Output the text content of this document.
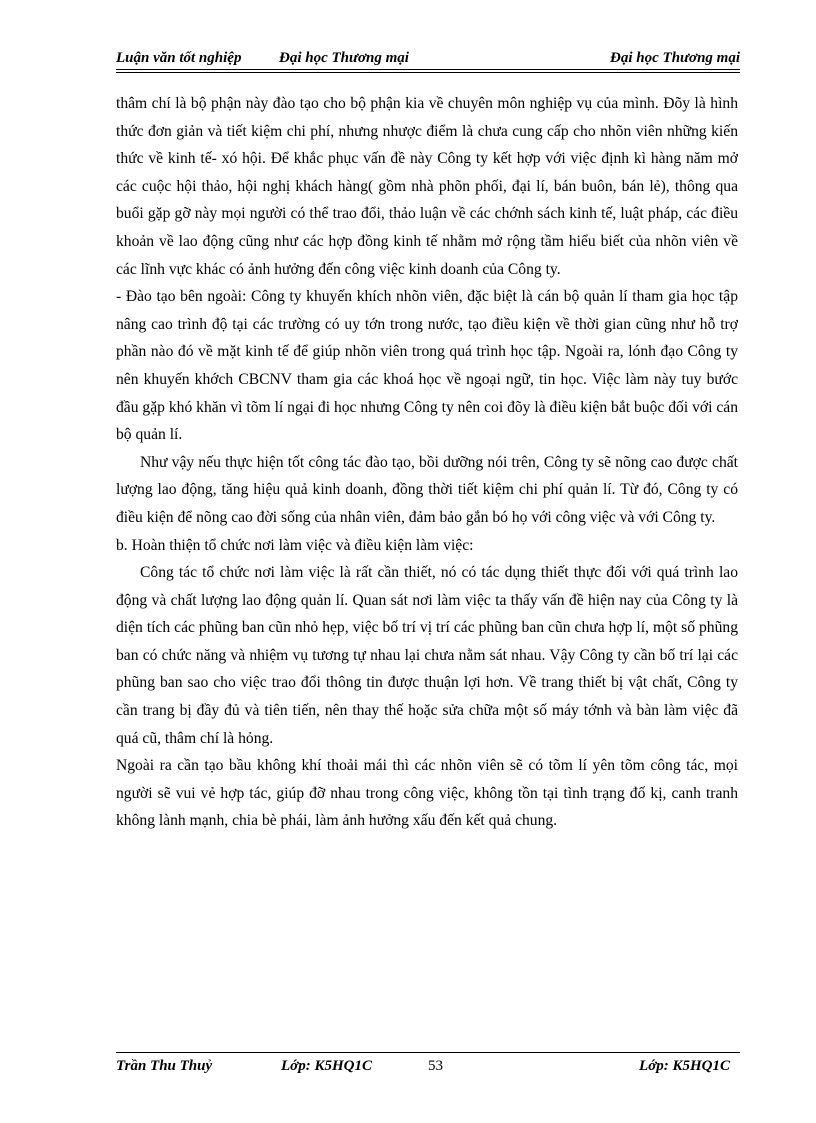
Luận văn tốt nghiệp	Đại học Thương mại	Đại học Thương mại

thâm chí là bộ phận này đào tạo cho bộ phận kia về chuyên môn nghiệp vụ của mình. Đõy là hình thức đơn giản và tiết kiệm chi phí, nhưng nhược điểm là chưa cung cấp cho nhõn viên những kiến thức về kinh tế- xó hội. Để khắc phục vấn đề này Công ty kết hợp với việc định kì hàng năm mở các cuộc hội thảo, hội nghị khách hàng( gồm nhà phõn phối, đại lí, bán buôn, bán lẻ), thông qua buổi gặp gỡ này mọi người có thể trao đổi, thảo luận về các chớnh sách kinh tế, luật pháp, các điều khoản về lao động cũng như các hợp đồng kinh tế nhằm mở rộng tầm hiểu biết của nhõn viên về các lĩnh vực khác có ảnh hưởng đến công việc kinh doanh của Công ty.

- Đào tạo bên ngoài: Công ty khuyến khích nhõn viên, đặc biệt là cán bộ quản lí tham gia học tập nâng cao trình độ tại các trường có uy tớn trong nước, tạo điều kiện về thời gian cũng như hỗ trợ phần nào đó về mặt kinh tế để giúp nhõn viên trong quá trình học tập. Ngoài ra, lónh đạo Công ty nên khuyến khớch CBCNV tham gia các khoá học về ngoại ngữ, tin học. Việc làm này tuy bước đầu gặp khó khăn vì tõm lí ngại đi học nhưng Công ty nên coi đõy là điều kiện bắt buộc đối với cán bộ quản lí.

Như vậy nếu thực hiện tốt công tác đào tạo, bồi dưỡng nói trên, Công ty sẽ nõng cao được chất lượng lao động, tăng hiệu quả kinh doanh, đồng thời tiết kiệm chi phí quản lí. Từ đó, Công ty có điều kiện để nõng cao đời sống của nhân viên, đảm bảo gắn bó họ với công việc và với Công ty.

b. Hoàn thiện tổ chức nơi làm việc và điều kiện làm việc:

Công tác tổ chức nơi làm việc là rất cần thiết, nó có tác dụng thiết thực đối với quá trình lao động và chất lượng lao động quản lí. Quan sát nơi làm việc ta thấy vấn đề hiện nay của Công ty là diện tích các phũng ban cũn nhỏ hẹp, việc bố trí vị trí các phũng ban cũn chưa hợp lí, một số phũng ban có chức năng và nhiệm vụ tương tự nhau lại chưa nằm sát nhau. Vậy Công ty cần bố trí lại các phũng ban sao cho việc trao đổi thông tin được thuận lợi hơn. Về trang thiết bị vật chất, Công ty cần trang bị đầy đủ và tiên tiến, nên thay thế hoặc sửa chữa một số máy tớnh và bàn làm việc đã quá cũ, thâm chí là hỏng.

Ngoài ra cần tạo bầu không khí thoải mái thì các nhõn viên sẽ có tõm lí yên tõm công tác, mọi người sẽ vui vẻ hợp tác, giúp đỡ nhau trong công việc, không tồn tại tình trạng đố kị, canh tranh không lành mạnh, chia bè phái, làm ảnh hưởng xấu đến kết quả chung.

Trần Thu Thuỷ	Lớp: K5HQ1C	53	Lớp: K5HQ1C
